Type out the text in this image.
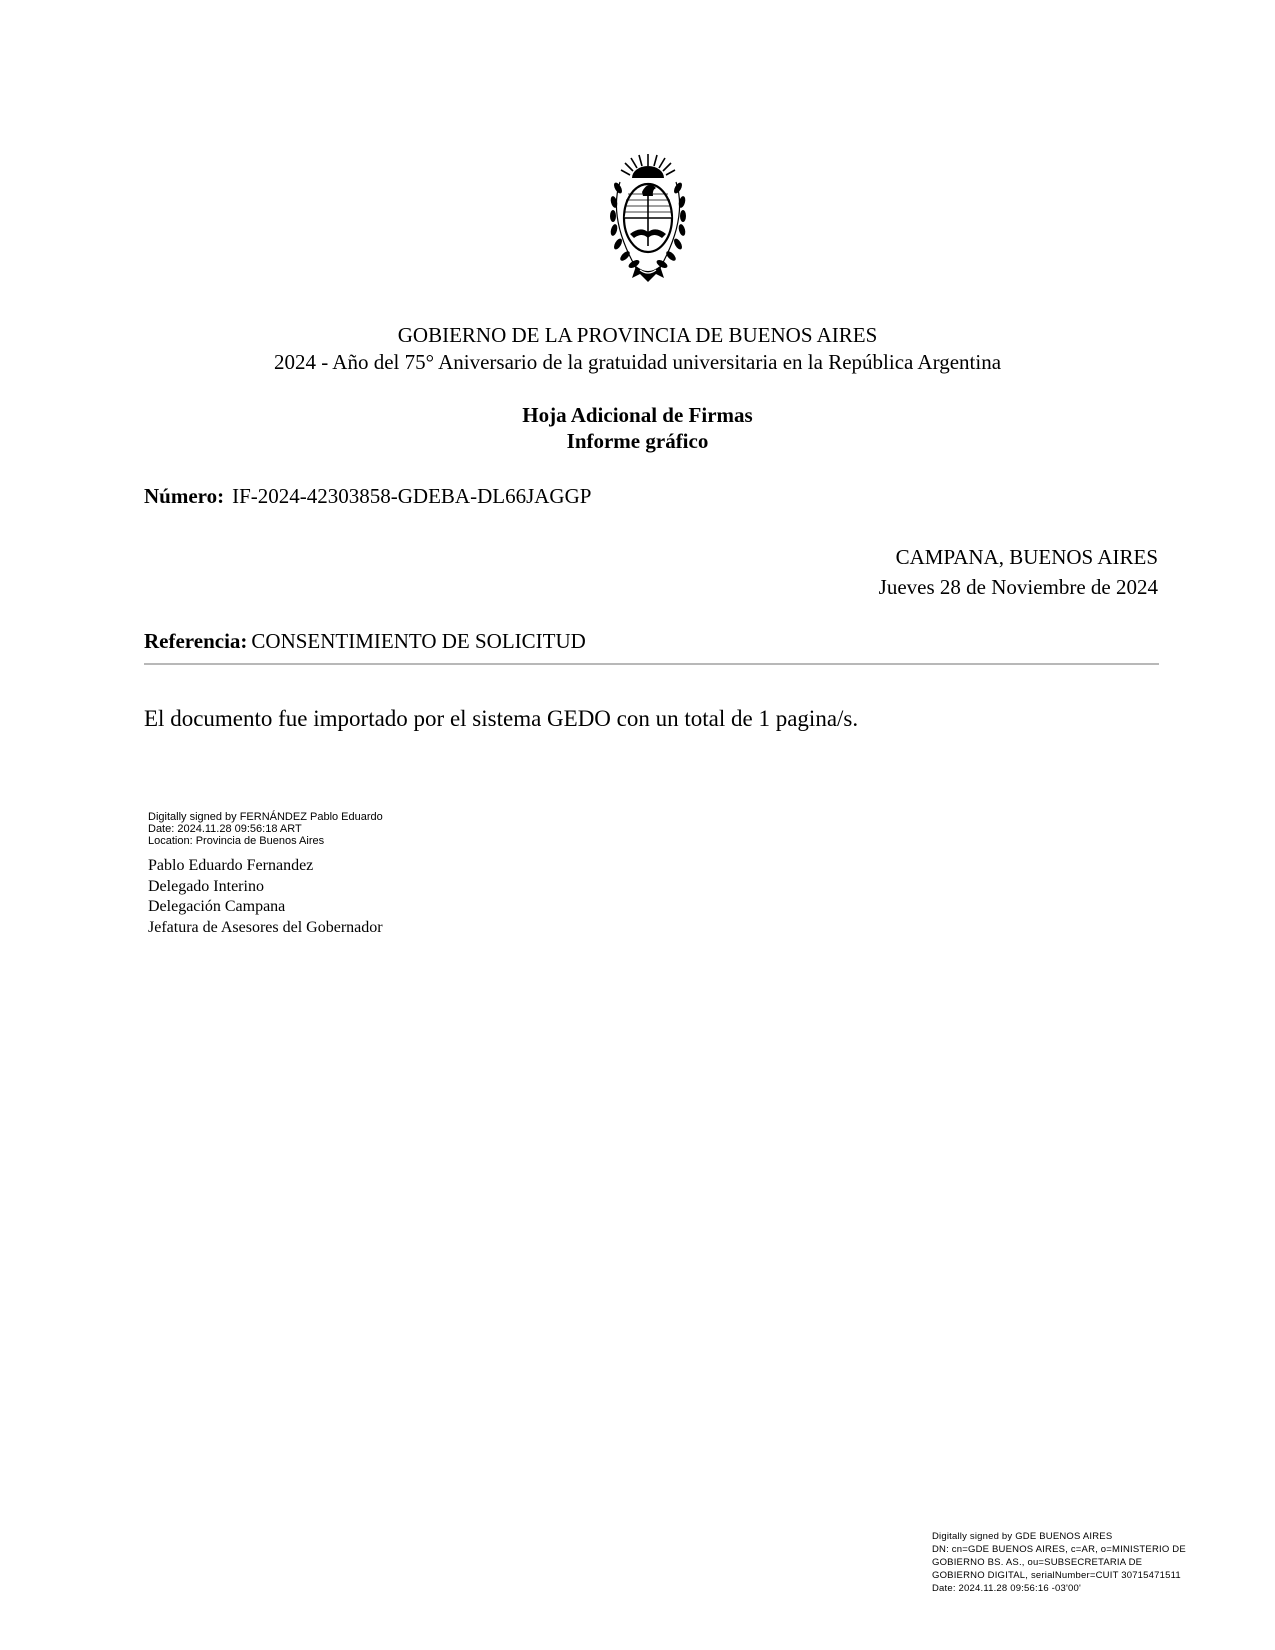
GOBIERNO DE LA PROVINCIA DE BUENOS AIRES
2024 - Año del 75° Aniversario de la gratuidad universitaria en la República Argentina
Hoja Adicional de Firmas
Informe gráfico
Número: IF-2024-42303858-GDEBA-DL66JAGGP
CAMPANA, BUENOS AIRES
Jueves 28 de Noviembre de 2024
Referencia: CONSENTIMIENTO DE SOLICITUD
El documento fue importado por el sistema GEDO con un total de 1 pagina/s.
Digitally signed by FERNÁNDEZ Pablo Eduardo
Date: 2024.11.28 09:56:18 ART
Location: Provincia de Buenos Aires
Pablo Eduardo Fernandez
Delegado Interino
Delegación Campana
Jefatura de Asesores del Gobernador
Digitally signed by GDE BUENOS AIRES
DN: cn=GDE BUENOS AIRES, c=AR, o=MINISTERIO DE
GOBIERNO BS. AS., ou=SUBSECRETARIA DE
GOBIERNO DIGITAL, serialNumber=CUIT 30715471511
Date: 2024.11.28 09:56:16 -03'00'
